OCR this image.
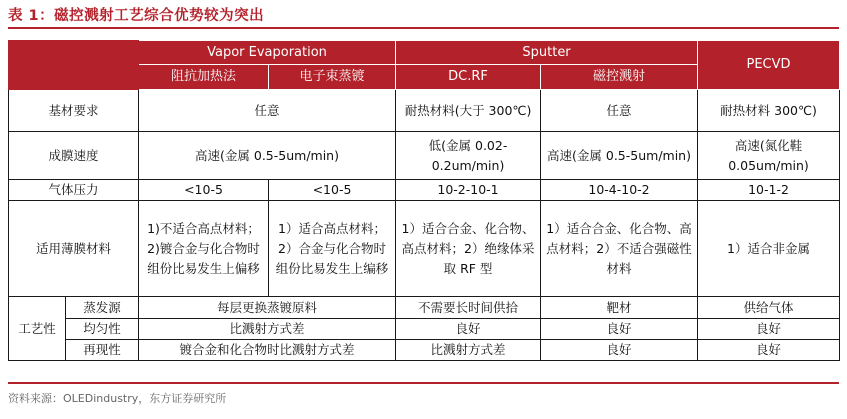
表 1：磁控溅射工艺综合优势较为突出
		Vapor Evaporation		Sputter		PECVD
		阻抗加热法	电子束蒸镀	DC.RF	磁控溅射	
基材要求		任意		耐热材料(大于 300℃)	任意	耐热材料 300℃)
成膜速度		高速(金属 0.5-5um/min)		低(金属 0.02-0.2um/min)	高速(金属 0.5-5um/min)	高速(氮化鞋 0.05um/min)
气体压力		<10-5	<10-5	10-2-10-1	10-4-10-2	10-1-2
适用薄膜材料		1)不适合高点材料；2)镀合金与化合物时组份比易发生上偏移	1）适合高点材料；2）合金与化合物时组份比易发生上编移	1）适合合金、化合物、高点材料；2）绝缘体采取 RF 型	1）适合合金、化合物、高点材料；2）不适合强磁性材料	1）适合非金属
工艺性	蒸发源	每层更换蒸镀原料		不需要长时间供拾	靶材	供给气体
	均匀性	比溅射方式差		良好	良好	良好
	再现性	镀合金和化合物时比溅射方式差		比溅射方式差	良好	良好
资料来源：OLEDindustry，东方证券研究所
